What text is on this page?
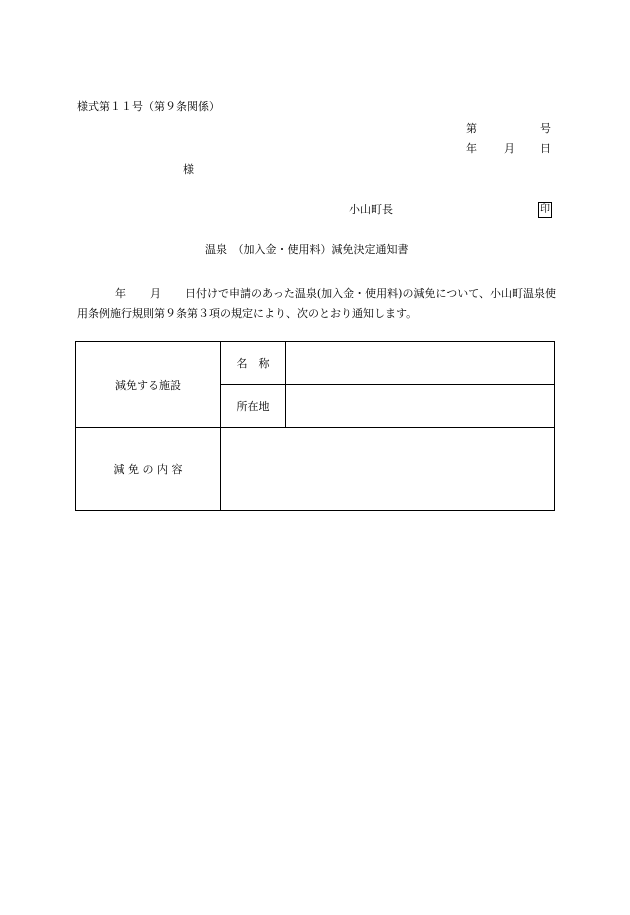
様式第１１号（第９条関係）
第	号
年 月 日
様
小山町長	印
温泉　（加入金・使用料）減免決定通知書
年 月 日付けで申請のあった温泉(加入金・使用料)の減免について、小山町温泉使用条例施行規則第９条第３項の規定により、次のとおり通知します。
減免する施設	名　称	
	所在地	
減 免 の 内 容		
